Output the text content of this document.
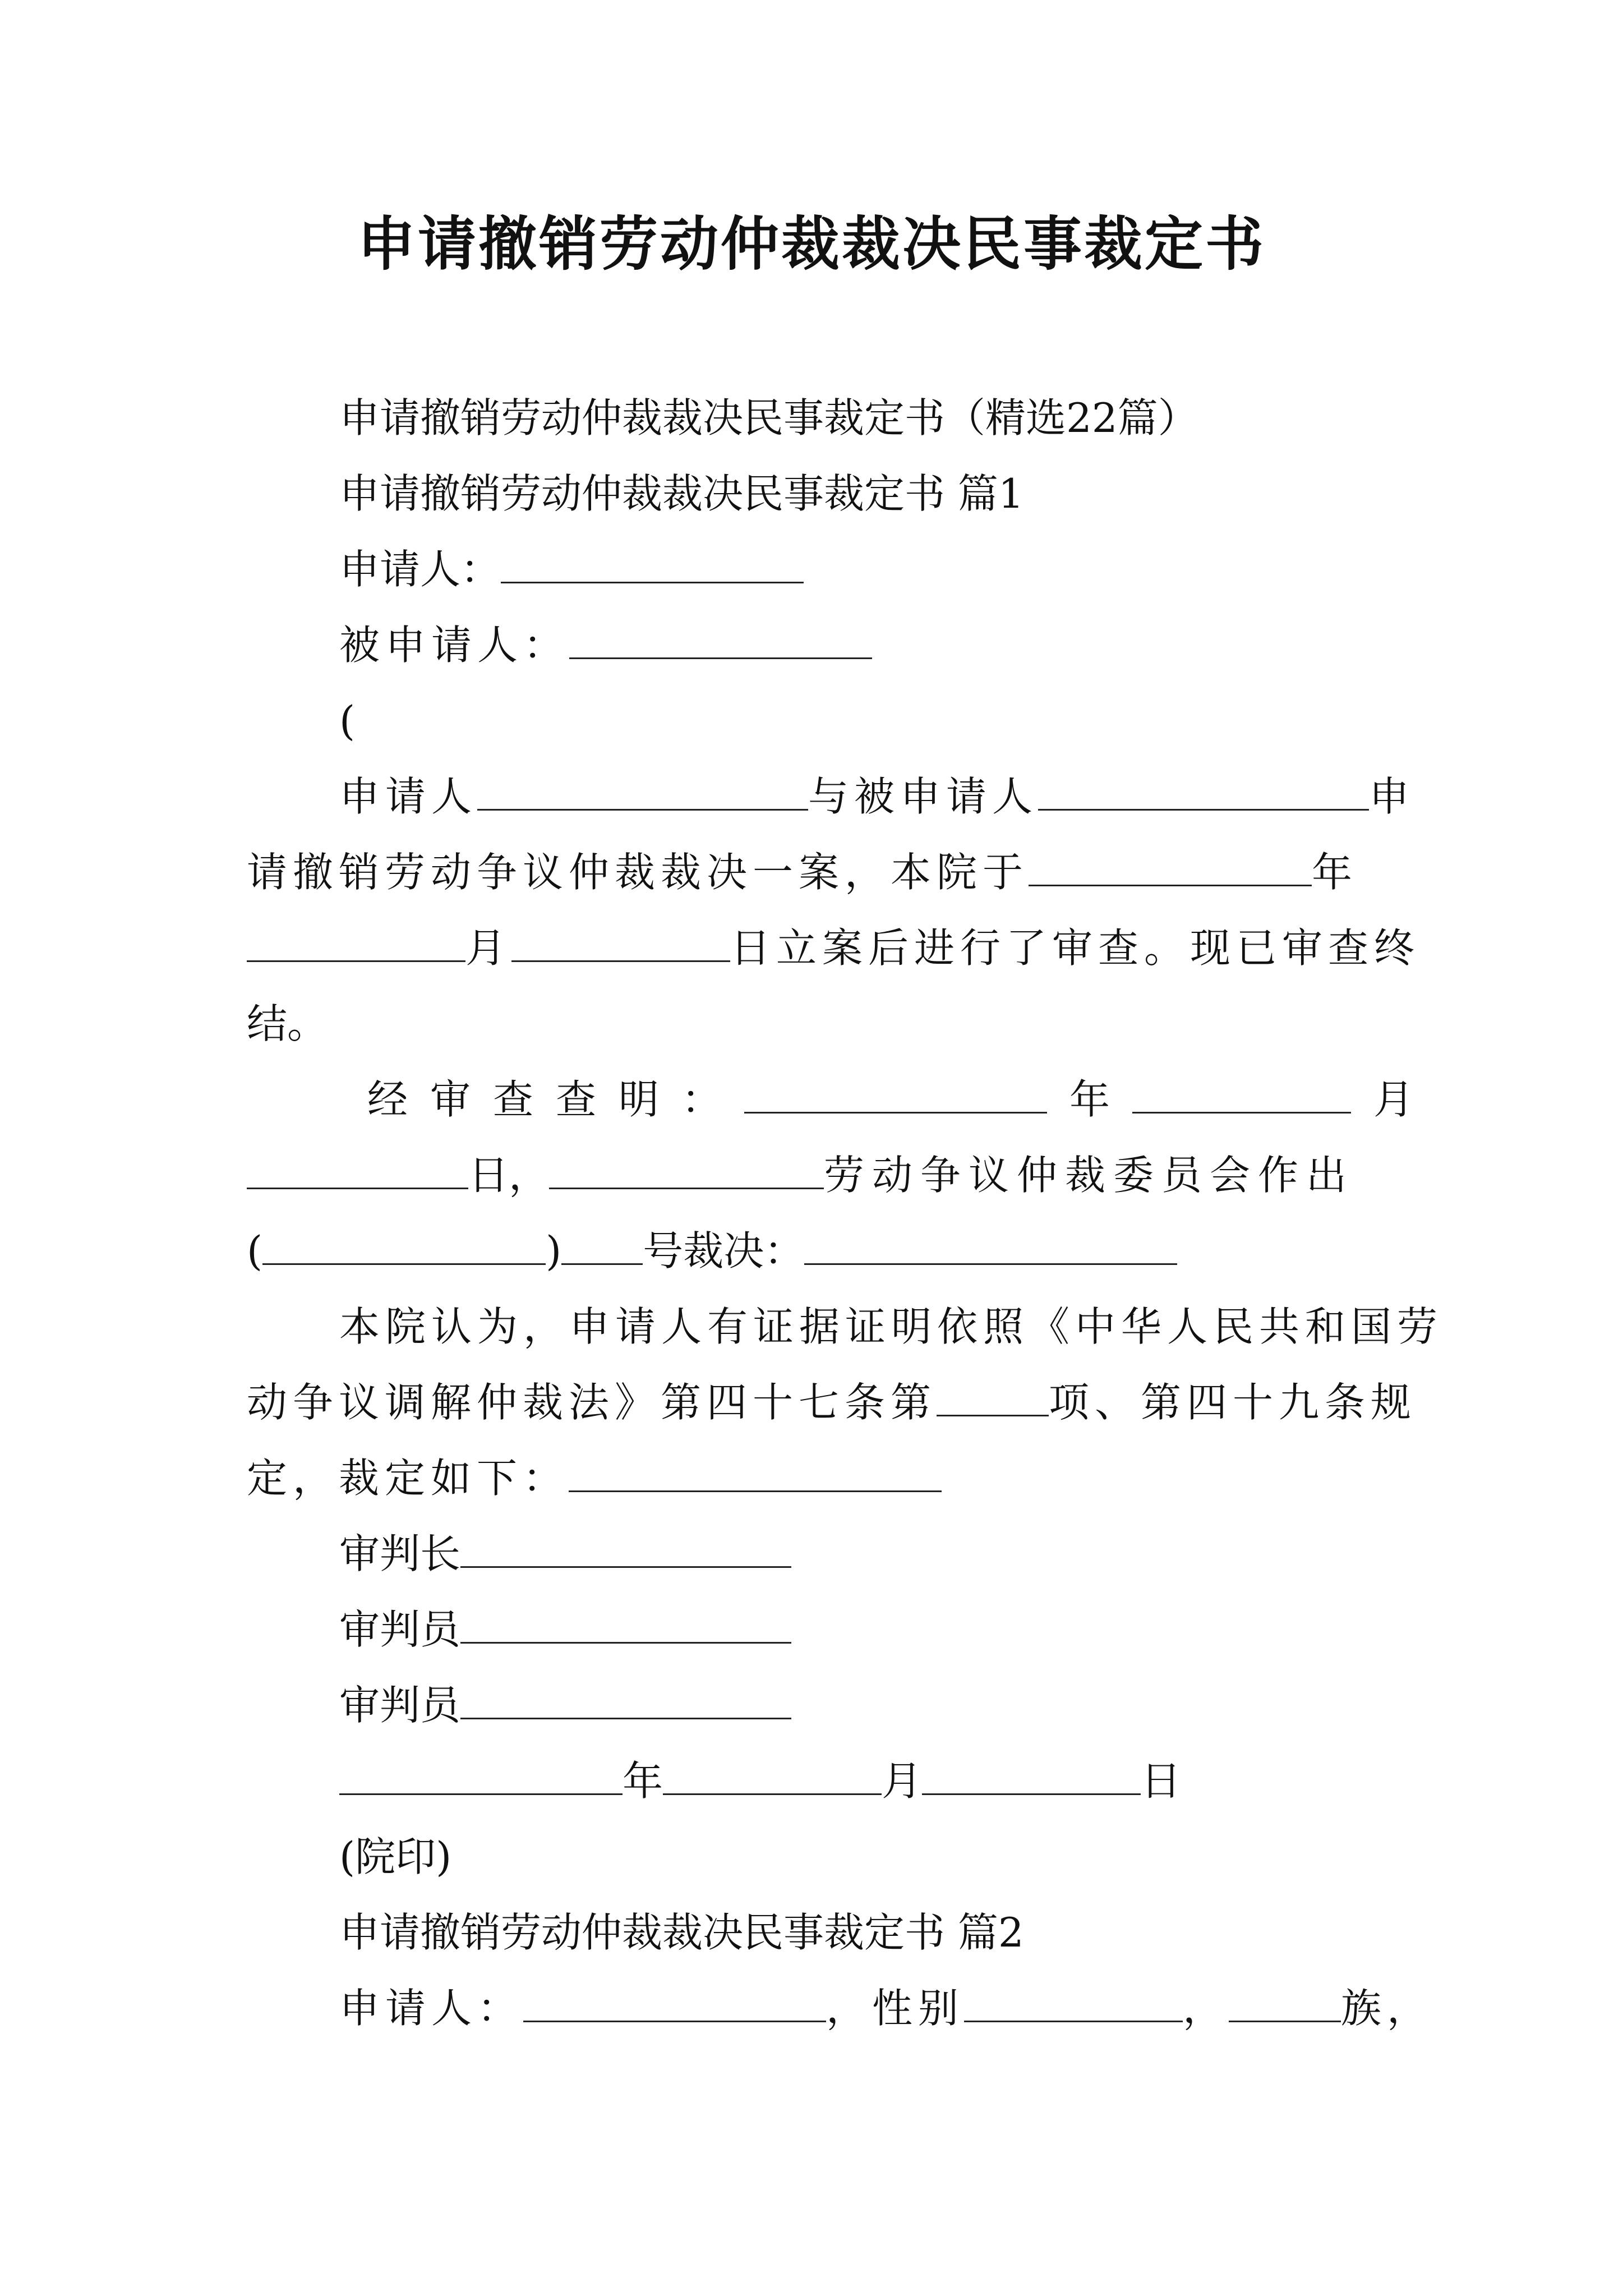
申请撤销劳动仲裁裁决民事裁定书
申请撤销劳动仲裁裁决民事裁定书（精选22篇）
申请撤销劳动仲裁裁决民事裁定书 篇1
申请人：
被申请人：
(
申请人	与被申请人	申
请撤销劳动争议仲裁裁决一案，本院于	年
月	日立案后进行了审查。现已审查终
结。
经审查查明：	年	月
日，	劳动争议仲裁委员会作出
(	) 号裁决：
本院认为，申请人有证据证明依照《中华人民共和国劳
动争议调解仲裁法》第四十七条第	项、第四十九条规
定，裁定如下：
审判长
审判员
审判员
年	月	日
(院印)
申请撤销劳动仲裁裁决民事裁定书 篇2
申请人：	，性别	，	族，
